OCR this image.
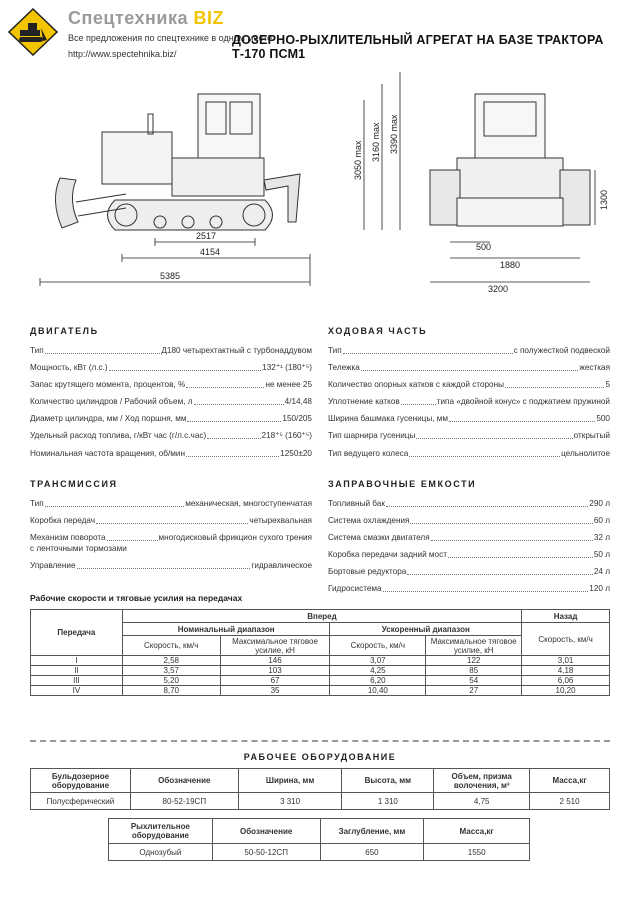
Спецтехника BIZ
ДОЗЕРНО-РЫХЛИТЕЛЬНЫЙ АГРЕГАТ НА БАЗЕ ТРАКТОРА Т-170 ПСМ1
Все предложения по спецтехнике в одном месте
http://www.spectehnika.biz/
2517
4154
5385
3050 max 3160 max 3390 max
500
1880
3200
1300
ДВИГАТЕЛЬ
Тип	Д180 четырехтактный с турбонаддувом
Мощность, кВт (л.с.)	132⁺¹ (180⁺⁵)
Запас крутящего момента, процентов, %	не менее 25
Количество цилиндров / Рабочий объем, л	4/14,48
Диаметр цилиндра, мм / Ход поршня, мм	150/205
Удельный расход топлива, г/кВт час (г/л.с.час)	218⁺⁵ (160⁺⁵)
Номинальная частота вращения, об/мин	1250±20
ХОДОВАЯ ЧАСТЬ
Тип	с полужесткой подвеской
Тележка	жесткая
Количество опорных катков с каждой стороны	5
Уплотнение катков	типа «двойной конус» с поджатием пружиной
Ширина башмака гусеницы, мм	500
Тип шарнира гусеницы	открытый
Тип ведущего колеса	цельнолитое
ТРАНСМИССИЯ
Тип	механическая, многоступенчатая
Коробка передач	четырехвальная
Механизм поворота	многодисковый фрикцион сухого трения
с ленточными тормозами
Управление	гидравлическое
ЗАПРАВОЧНЫЕ ЕМКОСТИ
Топливный бак	290 л
Система охлаждения	60 л
Система смазки двигателя	32 л
Коробка передачи задний мост	50 л
Бортовые редуктора	24 л
Гидросистема	120 л
Рабочие скорости и тяговые усилия на передачах
Передача	Вперед				Назад
	Номинальный диапазон		Ускоренный диапазон		Скорость, км/ч
	Скорость, км/ч	Максимальное тяговое усилие, кН	Скорость, км/ч	Максимальное тяговое усилие, кН	
I	2,58	146	3,07	122	3,01
II	3,57	103	4,25	85	4,18
III	5,20	67	6,20	54	6,06
IV	8,70	35	10,40	27	10,20
РАБОЧЕЕ ОБОРУДОВАНИЕ
Бульдозерное оборудование	Обозначение	Ширина, мм	Высота, мм	Объем, призма волочения, м³	Масса,кг
Полусферический	80-52-19СП	3 310	1 310	4,75	2 510
Рыхлительное оборудование	Обозначение	Заглубление, мм	Масса,кг
Однозубый	50-50-12СП	650	1550
